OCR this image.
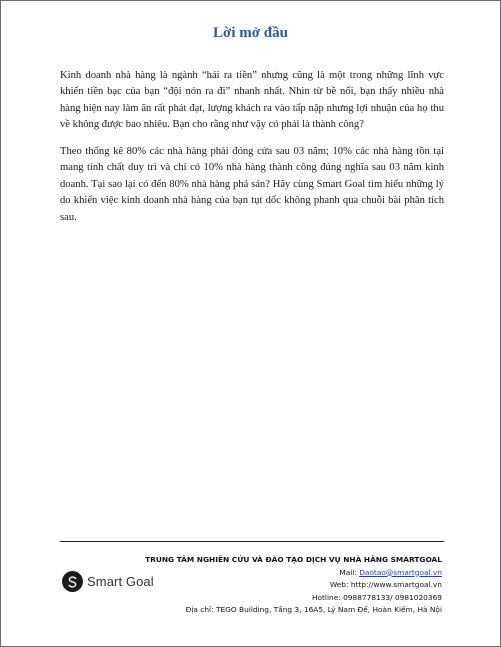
Lời mở đầu

Kinh doanh nhà hàng là ngành “hái ra tiền” nhưng cũng là một trong những lĩnh vực khiến tiền bạc của bạn “đội nón ra đi” nhanh nhất. Nhìn từ bề nổi, bạn thấy nhiều nhà hàng hiện nay làm ăn rất phát đạt, lượng khách ra vào tấp nập nhưng lợi nhuận của họ thu về không được bao nhiêu. Bạn cho rằng như vậy có phải là thành công?

Theo thống kê 80% các nhà hàng phải đóng cửa sau 03 năm; 10% các nhà hàng tồn tại mang tính chất duy trì và chỉ có 10% nhà hàng thành công đúng nghĩa sau 03 năm kinh doanh. Tại sao lại có đến 80% nhà hàng phá sản? Hãy cùng Smart Goal tìm hiểu những lý do khiến việc kinh doanh nhà hàng của bạn tụt dốc không phanh qua chuỗi bài phân tích sau.

Smart Goal
TRUNG TÂM NGHIÊN CỨU VÀ ĐÀO TẠO DỊCH VỤ NHÀ HÀNG SMARTGOAL
Mail: Daotao@smartgoal.vn
Web: http://www.smartgoal.vn
Hotline: 0988778133/ 0981020369
Địa chỉ: TEGO Building, Tầng 3, 16A5, Lý Nam Đế, Hoàn Kiếm, Hà Nội
